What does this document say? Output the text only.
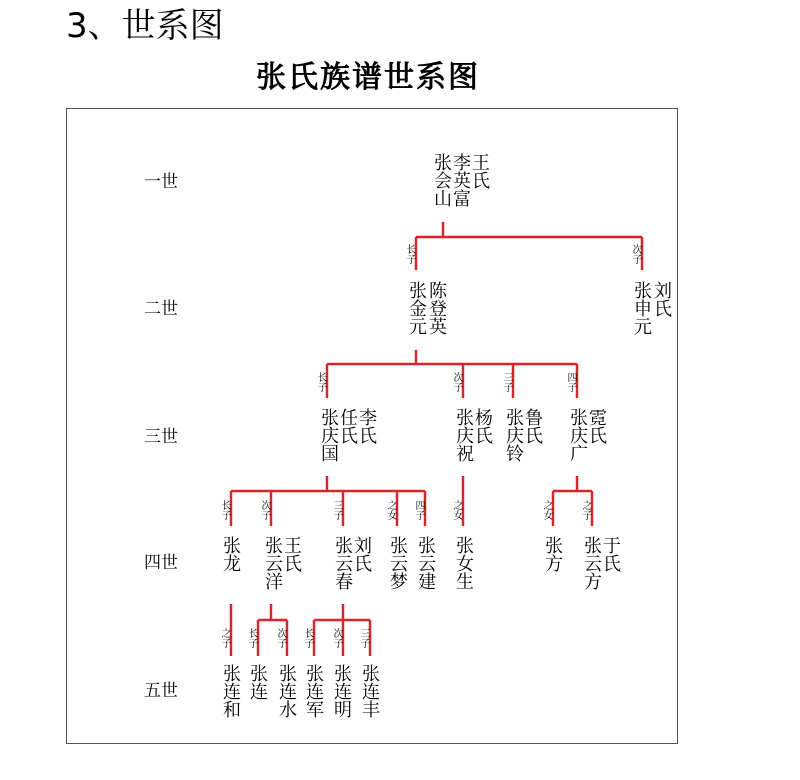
3、世系图
张氏族谱世系图
一世
二世
三世
四世
五世
张会山
李英富
王氏
长子
张金元 陈登英
次子
张申元 刘氏
长子
张庆国
任氏
李氏
次子
张庆祝
杨氏
三子
张庆铃
鲁氏
四子
张庆广
霓氏
长子
张龙
次子
张云洋
王氏
三子
张云春
刘氏
之女
张云梦
四子
张云建
之女
张女生
之女
张方
之子
张云方
于氏
之子
张连和
长子
张连
次子
张连水
长子
张连军
次子
张连明
三子
张连丰
